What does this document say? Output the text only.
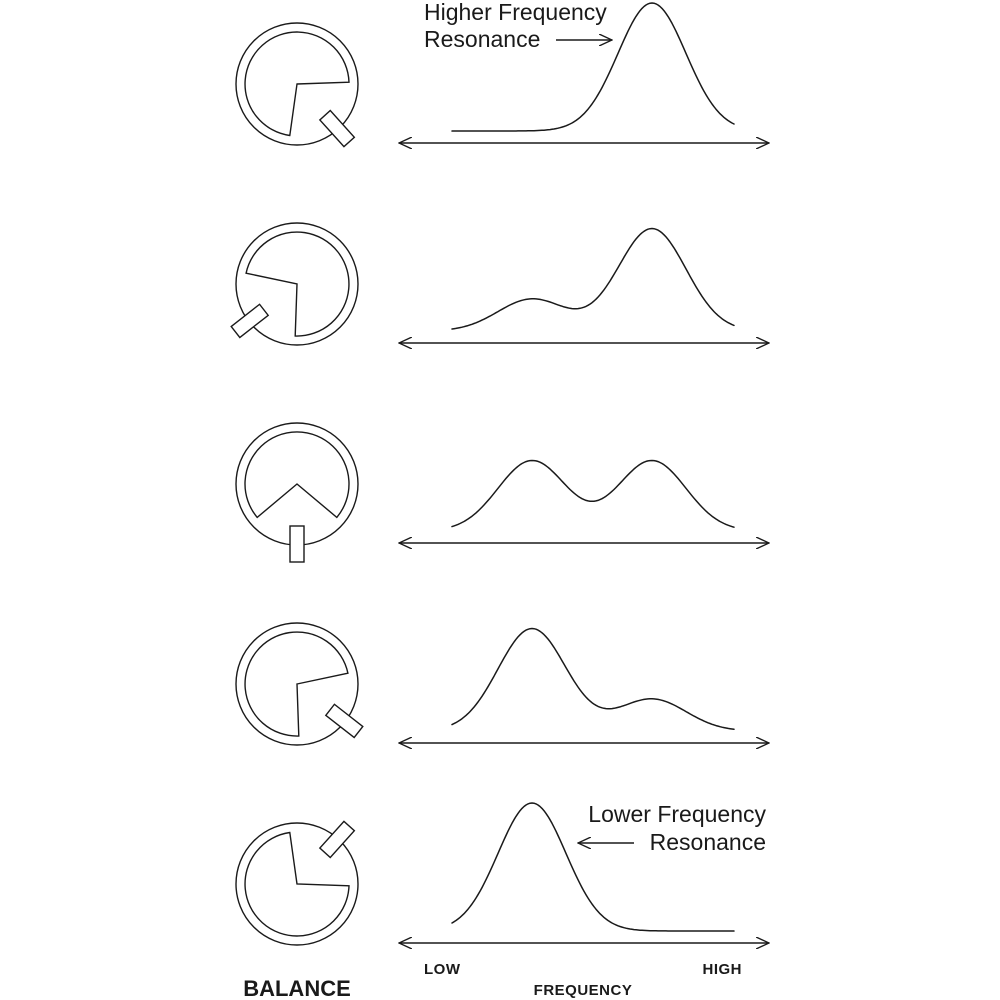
Higher Frequency
Resonance
Lower Frequency
Resonance
LOW	HIGH
FREQUENCY
BALANCE
